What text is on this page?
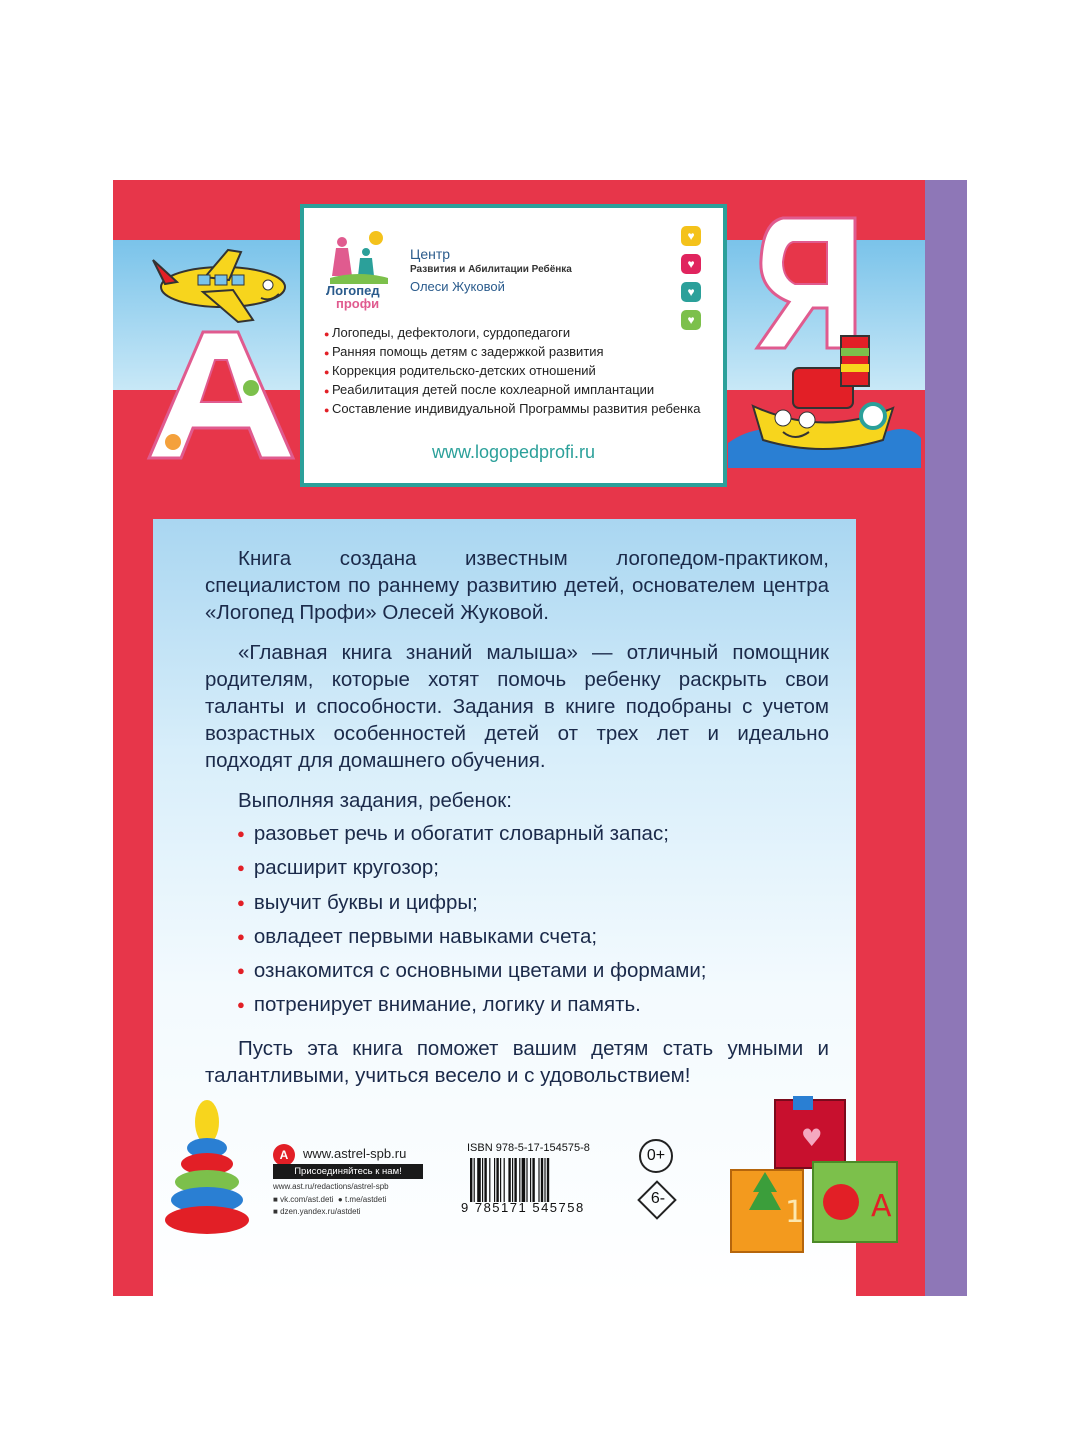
Логопед
профи
Центр
Развития и Абилитации Ребёнка
Олеси Жуковой
♥
♥
♥
♥
● Логопеды, дефектологи, сурдопедагоги
● Ранняя помощь детям с задержкой развития
● Коррекция родительско-детских отношений
● Реабилитация детей после кохлеарной имплантации
● Составление индивидуальной Программы развития ребенка
www.logopedprofi.ru

Книга создана известным логопедом-практиком, специалистом по раннему развитию детей, основателем центра «Логопед Профи» Олесей Жуковой.

«Главная книга знаний малыша» — отличный помощник родителям, которые хотят помочь ребенку раскрыть свои таланты и способности. Задания в книге подобраны с учетом возрастных особенностей детей от трех лет и идеально подходят для домашнего обучения.

Выполняя задания, ребенок:

● разовьет речь и обогатит словарный запас;
● расширит кругозор;
● выучит буквы и цифры;
● овладеет первыми навыками счета;
● ознакомится с основными цветами и формами;
● потренирует внимание, логику и память.

Пусть эта книга поможет вашим детям стать умными и талантливыми, учиться весело и с удовольствием!

А	www.astrel-spb.ru
Присоединяйтесь к нам!
www.ast.ru/redactions/astrel-spb
■ vk.com/ast.deti ● t.me/astdeti
■ dzen.yandex.ru/astdeti
ISBN 978-5-17-154575-8
9 785171 545758
0+
6-
♥
1 А
